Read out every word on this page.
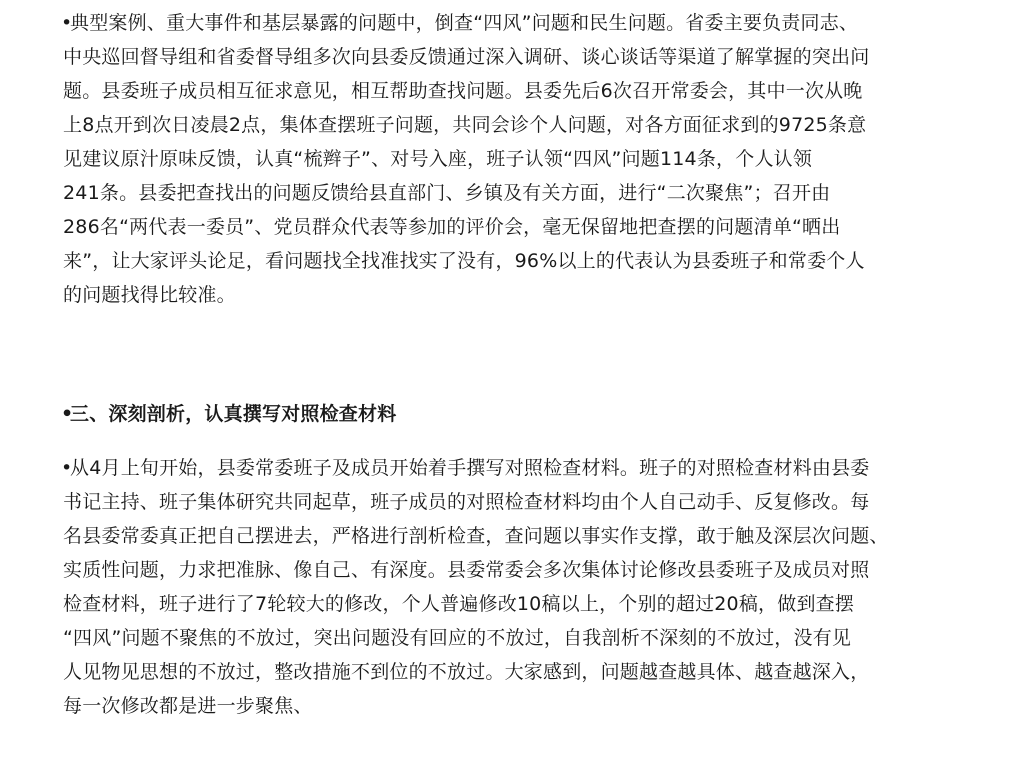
•典型案例、重大事件和基层暴露的问题中，倒查“四风”问题和民生问题。省委主要负责同志、
中央巡回督导组和省委督导组多次向县委反馈通过深入调研、谈心谈话等渠道了解掌握的突出问
题。县委班子成员相互征求意见，相互帮助查找问题。县委先后6次召开常委会，其中一次从晚
上8点开到次日凌晨2点，集体查摆班子问题，共同会诊个人问题，对各方面征求到的9725条意
见建议原汁原味反馈，认真“梳辫子”、对号入座，班子认领“四风”问题114条，个人认领
241条。县委把查找出的问题反馈给县直部门、乡镇及有关方面，进行“二次聚焦”；召开由
286名“两代表一委员”、党员群众代表等参加的评价会，毫无保留地把查摆的问题清单“晒出
来”，让大家评头论足，看问题找全找准找实了没有，96%以上的代表认为县委班子和常委个人
的问题找得比较准。
•三、深刻剖析，认真撰写对照检查材料
•从4月上旬开始，县委常委班子及成员开始着手撰写对照检查材料。班子的对照检查材料由县委
书记主持、班子集体研究共同起草，班子成员的对照检查材料均由个人自己动手、反复修改。每
名县委常委真正把自己摆进去，严格进行剖析检查，查问题以事实作支撑，敢于触及深层次问题、
实质性问题，力求把准脉、像自己、有深度。县委常委会多次集体讨论修改县委班子及成员对照
检查材料，班子进行了7轮较大的修改，个人普遍修改10稿以上，个别的超过20稿，做到查摆
“四风”问题不聚焦的不放过，突出问题没有回应的不放过，自我剖析不深刻的不放过，没有见
人见物见思想的不放过，整改措施不到位的不放过。大家感到，问题越查越具体、越查越深入，
每一次修改都是进一步聚焦、
